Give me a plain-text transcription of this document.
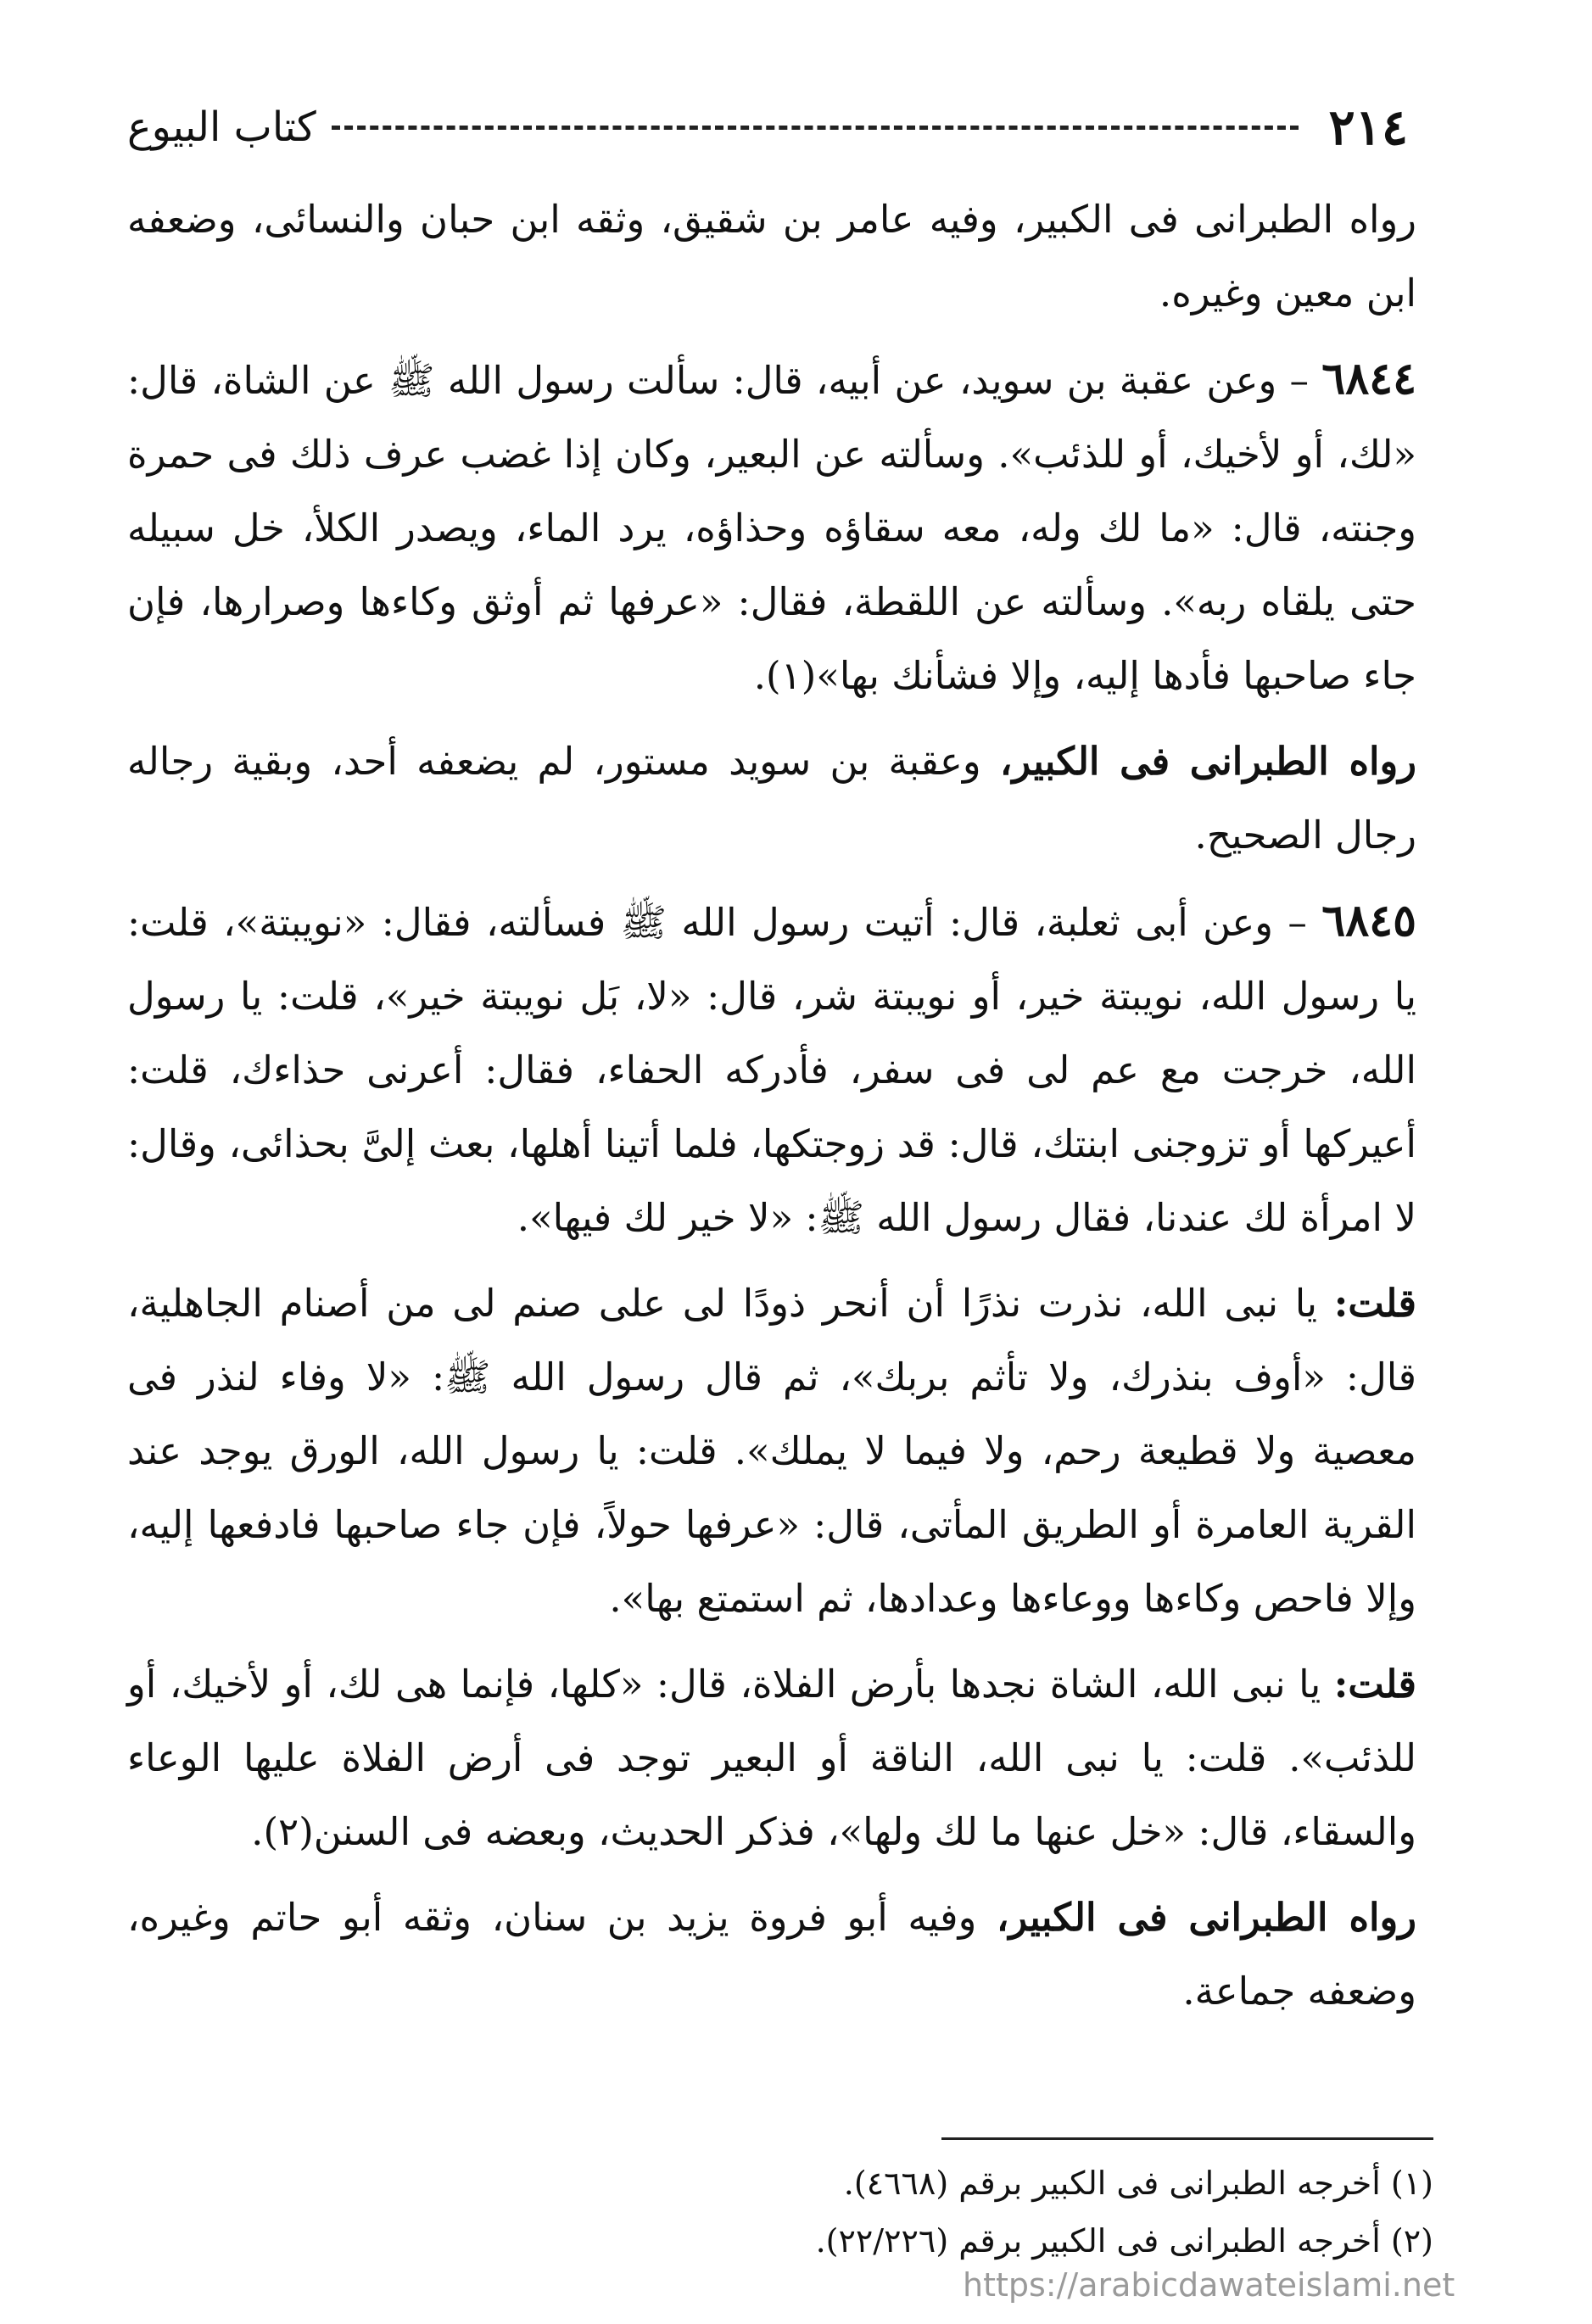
٢١٤
كتاب البيوع

رواه الطبرانى فى الكبير، وفيه عامر بن شقيق، وثقه ابن حبان والنسائى، وضعفه ابن معين وغيره.

٦٨٤٤ – وعن عقبة بن سويد، عن أبيه، قال: سألت رسول الله ﷺ عن الشاة، قال: «لك، أو لأخيك، أو للذئب». وسألته عن البعير، وكان إذا غضب عرف ذلك فى حمرة وجنته، قال: «ما لك وله، معه سقاؤه وحذاؤه، يرد الماء، ويصدر الكلأ، خل سبيله حتى يلقاه ربه». وسألته عن اللقطة، فقال: «عرفها ثم أوثق وكاءها وصرارها، فإن جاء صاحبها فأدها إليه، وإلا فشأنك بها»(١).

رواه الطبرانى فى الكبير، وعقبة بن سويد مستور، لم يضعفه أحد، وبقية رجاله رجال الصحيح.

٦٨٤٥ – وعن أبى ثعلبة، قال: أتيت رسول الله ﷺ فسألته، فقال: «نويبتة»، قلت: يا رسول الله، نويبتة خير، أو نويبتة شر، قال: «لا، بَل نويبتة خير»، قلت: يا رسول الله، خرجت مع عم لى فى سفر، فأدركه الحفاء، فقال: أعرنى حذاءك، قلت: أعيركها أو تزوجنى ابنتك، قال: قد زوجتكها، فلما أتينا أهلها، بعث إلىَّ بحذائى، وقال: لا امرأة لك عندنا، فقال رسول الله ﷺ: «لا خير لك فيها».

قلت: يا نبى الله، نذرت نذرًا أن أنحر ذودًا لى على صنم لى من أصنام الجاهلية، قال: «أوف بنذرك، ولا تأثم بربك»، ثم قال رسول الله ﷺ: «لا وفاء لنذر فى معصية ولا قطيعة رحم، ولا فيما لا يملك». قلت: يا رسول الله، الورق يوجد عند القرية العامرة أو الطريق المأتى، قال: «عرفها حولاً، فإن جاء صاحبها فادفعها إليه، وإلا فاحص وكاءها ووعاءها وعدادها، ثم استمتع بها».

قلت: يا نبى الله، الشاة نجدها بأرض الفلاة، قال: «كلها، فإنما هى لك، أو لأخيك، أو للذئب». قلت: يا نبى الله، الناقة أو البعير توجد فى أرض الفلاة عليها الوعاء والسقاء، قال: «خل عنها ما لك ولها»، فذكر الحديث، وبعضه فى السنن(٢).

رواه الطبرانى فى الكبير، وفيه أبو فروة يزيد بن سنان، وثقه أبو حاتم وغيره، وضعفه جماعة.

(١) أخرجه الطبرانى فى الكبير برقم (٤٦٦٨).
(٢) أخرجه الطبرانى فى الكبير برقم (٢٢/٢٢٦).
https://arabicdawateislami.net
